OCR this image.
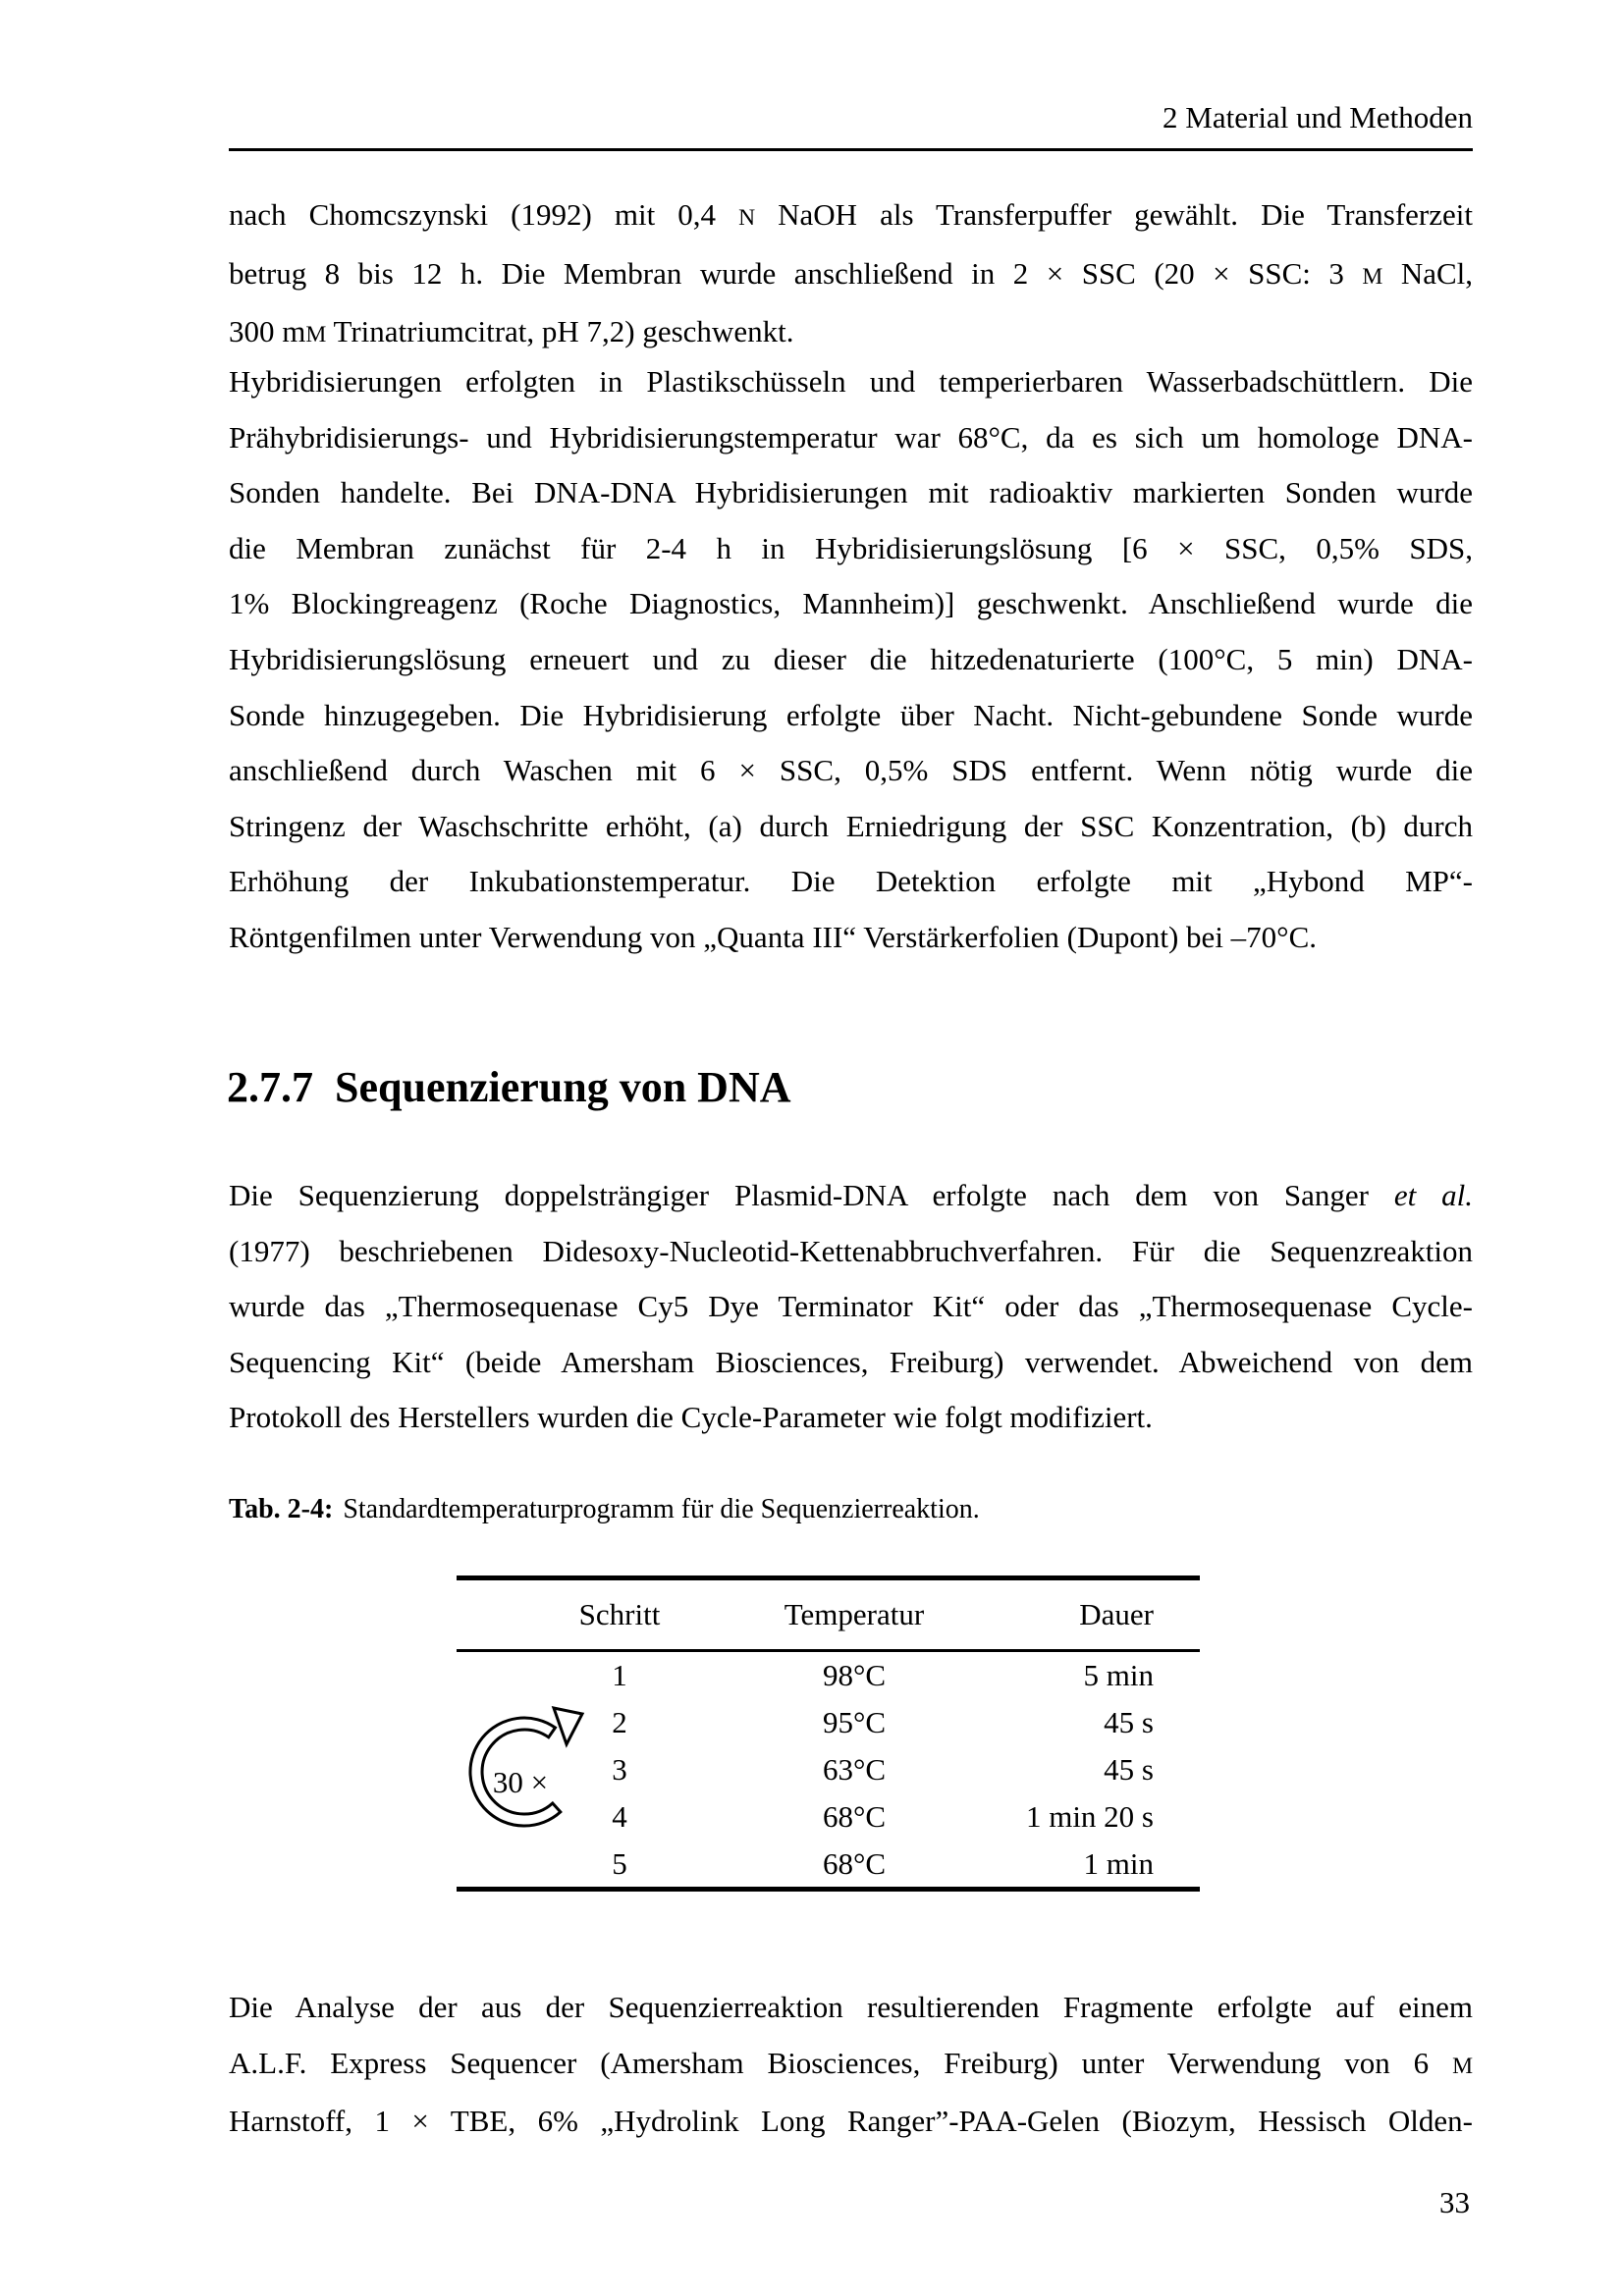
2 Material und Methoden
nach Chomcszynski (1992) mit 0,4 N NaOH als Transferpuffer gewählt. Die Transferzeit
betrug 8 bis 12 h. Die Membran wurde anschließend in 2 × SSC (20 × SSC: 3 M NaCl,
300 mM Trinatriumcitrat, pH 7,2) geschwenkt.
Hybridisierungen erfolgten in Plastikschüsseln und temperierbaren Wasserbadschüttlern. Die
Prähybridisierungs- und Hybridisierungstemperatur war 68°C, da es sich um homologe DNA-
Sonden handelte. Bei DNA-DNA Hybridisierungen mit radioaktiv markierten Sonden wurde
die Membran zunächst für 2-4 h in Hybridisierungslösung [6 × SSC, 0,5% SDS,
1% Blockingreagenz (Roche Diagnostics, Mannheim)] geschwenkt. Anschließend wurde die
Hybridisierungslösung erneuert und zu dieser die hitzedenaturierte (100°C, 5 min) DNA-
Sonde hinzugegeben. Die Hybridisierung erfolgte über Nacht. Nicht-gebundene Sonde wurde
anschließend durch Waschen mit 6 × SSC, 0,5% SDS entfernt. Wenn nötig wurde die
Stringenz der Waschschritte erhöht, (a) durch Erniedrigung der SSC Konzentration, (b) durch
Erhöhung der Inkubationstemperatur. Die Detektion erfolgte mit „Hybond MP“-
Röntgenfilmen unter Verwendung von „Quanta III“ Verstärkerfolien (Dupont) bei –70°C.
2.7.7 Sequenzierung von DNA
Die Sequenzierung doppelsträngiger Plasmid-DNA erfolgte nach dem von Sanger et al.
(1977) beschriebenen Didesoxy-Nucleotid-Kettenabbruchverfahren. Für die Sequenzreaktion
wurde das „Thermosequenase Cy5 Dye Terminator Kit“ oder das „Thermosequenase Cycle-
Sequencing Kit“ (beide Amersham Biosciences, Freiburg) verwendet. Abweichend von dem
Protokoll des Herstellers wurden die Cycle-Parameter wie folgt modifiziert.
Tab. 2-4: Standardtemperaturprogramm für die Sequenzierreaktion.
Schritt	Temperatur	Dauer
1	98°C	5 min
2	95°C	45 s
3	63°C	45 s
4	68°C	1 min 20 s
5	68°C	1 min
30 ×
Die Analyse der aus der Sequenzierreaktion resultierenden Fragmente erfolgte auf einem
A.L.F. Express Sequencer (Amersham Biosciences, Freiburg) unter Verwendung von 6 M
Harnstoff, 1 × TBE, 6% „Hydrolink Long Ranger”-PAA-Gelen (Biozym, Hessisch Olden-
33
